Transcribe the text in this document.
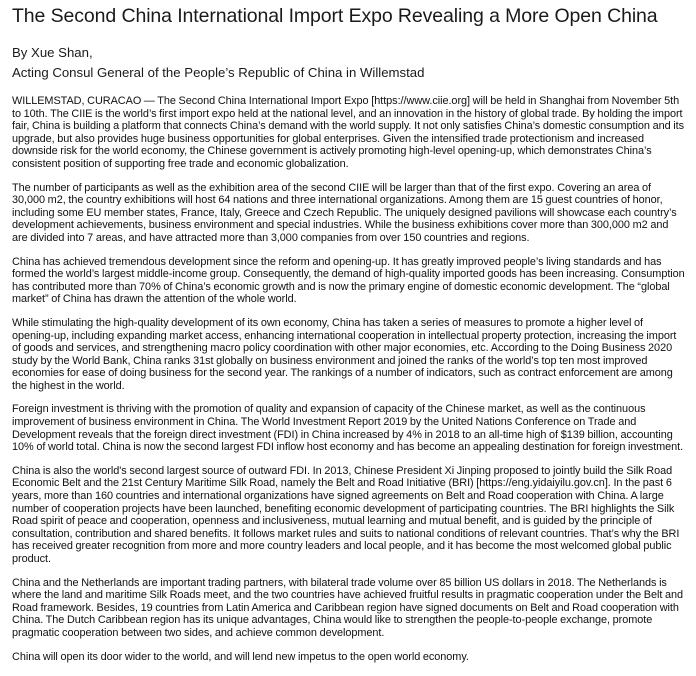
The Second China International Import Expo Revealing a More Open China

By Xue Shan,

Acting Consul General of the People’s Republic of China in Willemstad

WILLEMSTAD, CURACAO — The Second China International Import Expo [https://www.ciie.org] will be held in Shanghai from November 5th to 10th. The CIIE is the world’s first import expo held at the national level, and an innovation in the history of global trade. By holding the import fair, China is building a platform that connects China’s demand with the world supply. It not only satisfies China’s domestic consumption and its upgrade, but also provides huge business opportunities for global enterprises. Given the intensified trade protectionism and increased downside risk for the world economy, the Chinese government is actively promoting high-level opening-up, which demonstrates China’s consistent position of supporting free trade and economic globalization.

The number of participants as well as the exhibition area of the second CIIE will be larger than that of the first expo. Covering an area of 30,000 m2, the country exhibitions will host 64 nations and three international organizations. Among them are 15 guest countries of honor, including some EU member states, France, Italy, Greece and Czech Republic. The uniquely designed pavilions will showcase each country’s development achievements, business environment and special industries. While the business exhibitions cover more than 300,000 m2 and are divided into 7 areas, and have attracted more than 3,000 companies from over 150 countries and regions.

China has achieved tremendous development since the reform and opening-up. It has greatly improved people’s living standards and has formed the world’s largest middle-income group. Consequently, the demand of high-quality imported goods has been increasing. Consumption has contributed more than 70% of China’s economic growth and is now the primary engine of domestic economic development. The “global market” of China has drawn the attention of the whole world.

While stimulating the high-quality development of its own economy, China has taken a series of measures to promote a higher level of opening-up, including expanding market access, enhancing international cooperation in intellectual property protection, increasing the import of goods and services, and strengthening macro policy coordination with other major economies, etc. According to the Doing Business 2020 study by the World Bank, China ranks 31st globally on business environment and joined the ranks of the world’s top ten most improved economies for ease of doing business for the second year. The rankings of a number of indicators, such as contract enforcement are among the highest in the world.

Foreign investment is thriving with the promotion of quality and expansion of capacity of the Chinese market, as well as the continuous improvement of business environment in China. The World Investment Report 2019 by the United Nations Conference on Trade and Development reveals that the foreign direct investment (FDI) in China increased by 4% in 2018 to an all-time high of $139 billion, accounting 10% of world total. China is now the second largest FDI inflow host economy and has become an appealing destination for foreign investment.

China is also the world's second largest source of outward FDI. In 2013, Chinese President Xi Jinping proposed to jointly build the Silk Road Economic Belt and the 21st Century Maritime Silk Road, namely the Belt and Road Initiative (BRI) [https://eng.yidaiyilu.gov.cn]. In the past 6 years, more than 160 countries and international organizations have signed agreements on Belt and Road cooperation with China. A large number of cooperation projects have been launched, benefiting economic development of participating countries. The BRI highlights the Silk Road spirit of peace and cooperation, openness and inclusiveness, mutual learning and mutual benefit, and is guided by the principle of consultation, contribution and shared benefits. It follows market rules and suits to national conditions of relevant countries. That’s why the BRI has received greater recognition from more and more country leaders and local people, and it has become the most welcomed global public product.

China and the Netherlands are important trading partners, with bilateral trade volume over 85 billion US dollars in 2018. The Netherlands is where the land and maritime Silk Roads meet, and the two countries have achieved fruitful results in pragmatic cooperation under the Belt and Road framework. Besides, 19 countries from Latin America and Caribbean region have signed documents on Belt and Road cooperation with China. The Dutch Caribbean region has its unique advantages, China would like to strengthen the people-to-people exchange, promote pragmatic cooperation between two sides, and achieve common development.

China will open its door wider to the world, and will lend new impetus to the open world economy.
